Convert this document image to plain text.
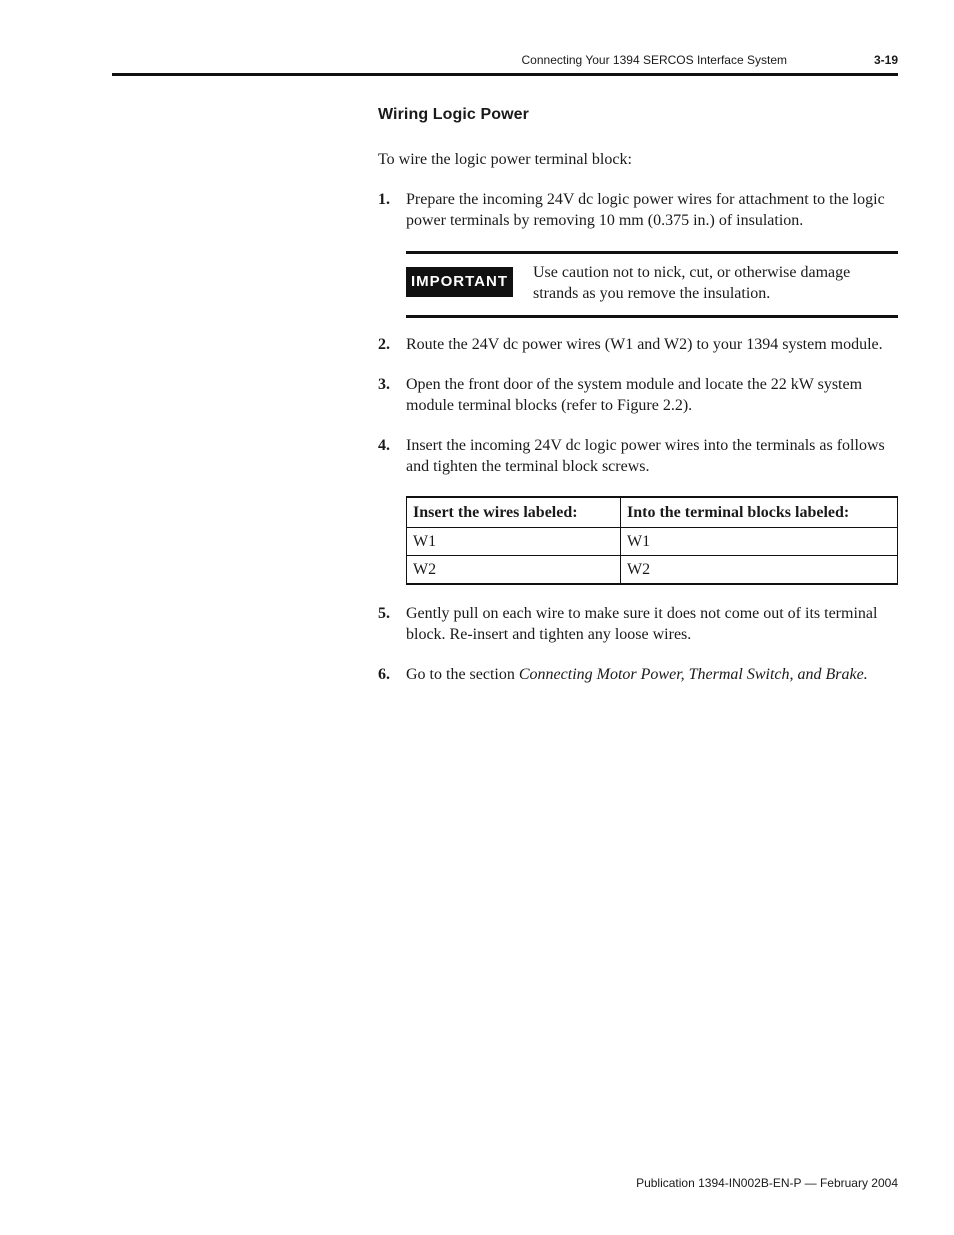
Connecting Your 1394 SERCOS Interface System	3-19
Wiring Logic Power

To wire the logic power terminal block:

1. Prepare the incoming 24V dc logic power wires for attachment to the logic power terminals by removing 10 mm (0.375 in.) of insulation.
IMPORTANT
Use caution not to nick, cut, or otherwise damage strands as you remove the insulation.
2. Route the 24V dc power wires (W1 and W2) to your 1394 system module.
3. Open the front door of the system module and locate the 22 kW system module terminal blocks (refer to Figure 2.2).
4. Insert the incoming 24V dc logic power wires into the terminals as follows and tighten the terminal block screws.
Insert the wires labeled:	Into the terminal blocks labeled:
W1	W1
W2	W2
5. Gently pull on each wire to make sure it does not come out of its terminal block. Re-insert and tighten any loose wires.
6. Go to the section Connecting Motor Power, Thermal Switch, and Brake.
Publication 1394-IN002B-EN-P — February 2004
